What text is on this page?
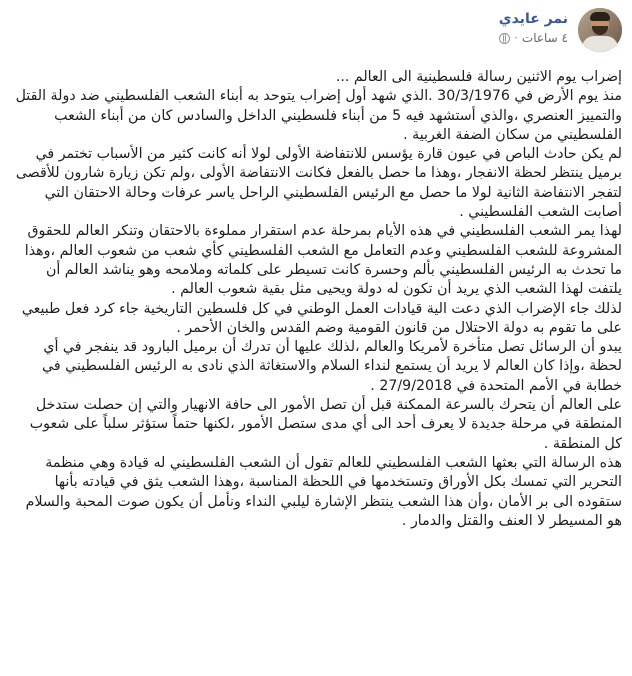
نمر عايدي
٤ ساعات
·

إضراب يوم الاثنين رسالة فلسطينية الى العالم ...

منذ يوم الأرض في 30/3/1976 .الذي شهد أول إضراب يتوحد به أبناء الشعب الفلسطيني ضد دولة القتل والتمييز العنصري ،والذي أستشهد فيه 5 من أبناء فلسطيني الداخل والسادس كان من أبناء الشعب الفلسطيني من سكان الضفة الغربية .

لم يكن حادث الباص في عيون قارة يؤسس للانتفاضة الأولى لولا أنه كانت كثير من الأسباب تختمر في برميل ينتظر لحظة الانفجار ،وهذا ما حصل بالفعل فكانت الانتفاضة الأولى ،ولم تكن زيارة شارون للأقصى لتفجر الانتفاضة الثانية لولا ما حصل مع الرئيس الفلسطيني الراحل ياسر عرفات وحالة الاحتقان التي أصابت الشعب الفلسطيني .

لهذا يمر الشعب الفلسطيني في هذه الأيام بمرحلة عدم استقرار مملوءة بالاحتقان وتنكر العالم للحقوق المشروعة للشعب الفلسطيني وعدم التعامل مع الشعب الفلسطيني كأي شعب من شعوب العالم ،وهذا ما تحدث به الرئيس الفلسطيني بألم وحسرة كانت تسيطر على كلماته وملامحه وهو يناشد العالم أن يلتفت لهذا الشعب الذي يريد أن تكون له دولة ويحيى مثل بقية شعوب العالم .

لذلك جاء الإضراب الذي دعت الية قيادات العمل الوطني في كل فلسطين التاريخية جاء كرد فعل طبيعي على ما تقوم به دولة الاحتلال من قانون القومية وضم القدس والخان الأحمر .

يبدو أن الرسائل تصل متأخرة لأمريكا والعالم ،لذلك عليها أن تدرك أن برميل البارود قد ينفجر في أي لحظة ،وإذا كان العالم لا يريد أن يستمع لنداء السلام والاستغاثة الذي نادى به الرئيس الفلسطيني في خطابة في الأمم المتحدة في 27/9/2018 .

على العالم أن يتحرك بالسرعة الممكنة قبل أن تصل الأمور الى حافة الانهيار والتي إن حصلت ستدخل المنطقة في مرحلة جديدة لا يعرف أحد الى أي مدى ستصل الأمور ،لكنها حتماً ستؤثر سلباً على شعوب كل المنطقة .

هذه الرسالة التي بعثها الشعب الفلسطيني للعالم تقول أن الشعب الفلسطيني له قيادة وهي منظمة التحرير التي تمسك بكل الأوراق وتستخدمها في اللحظة المناسبة ،وهذا الشعب يثق في قيادته بأنها ستقوده الى بر الأمان ،وأن هذا الشعب ينتظر الإشارة ليلبي النداء ونأمل أن يكون صوت المحبة والسلام هو المسيطر لا العنف والقتل والدمار .
